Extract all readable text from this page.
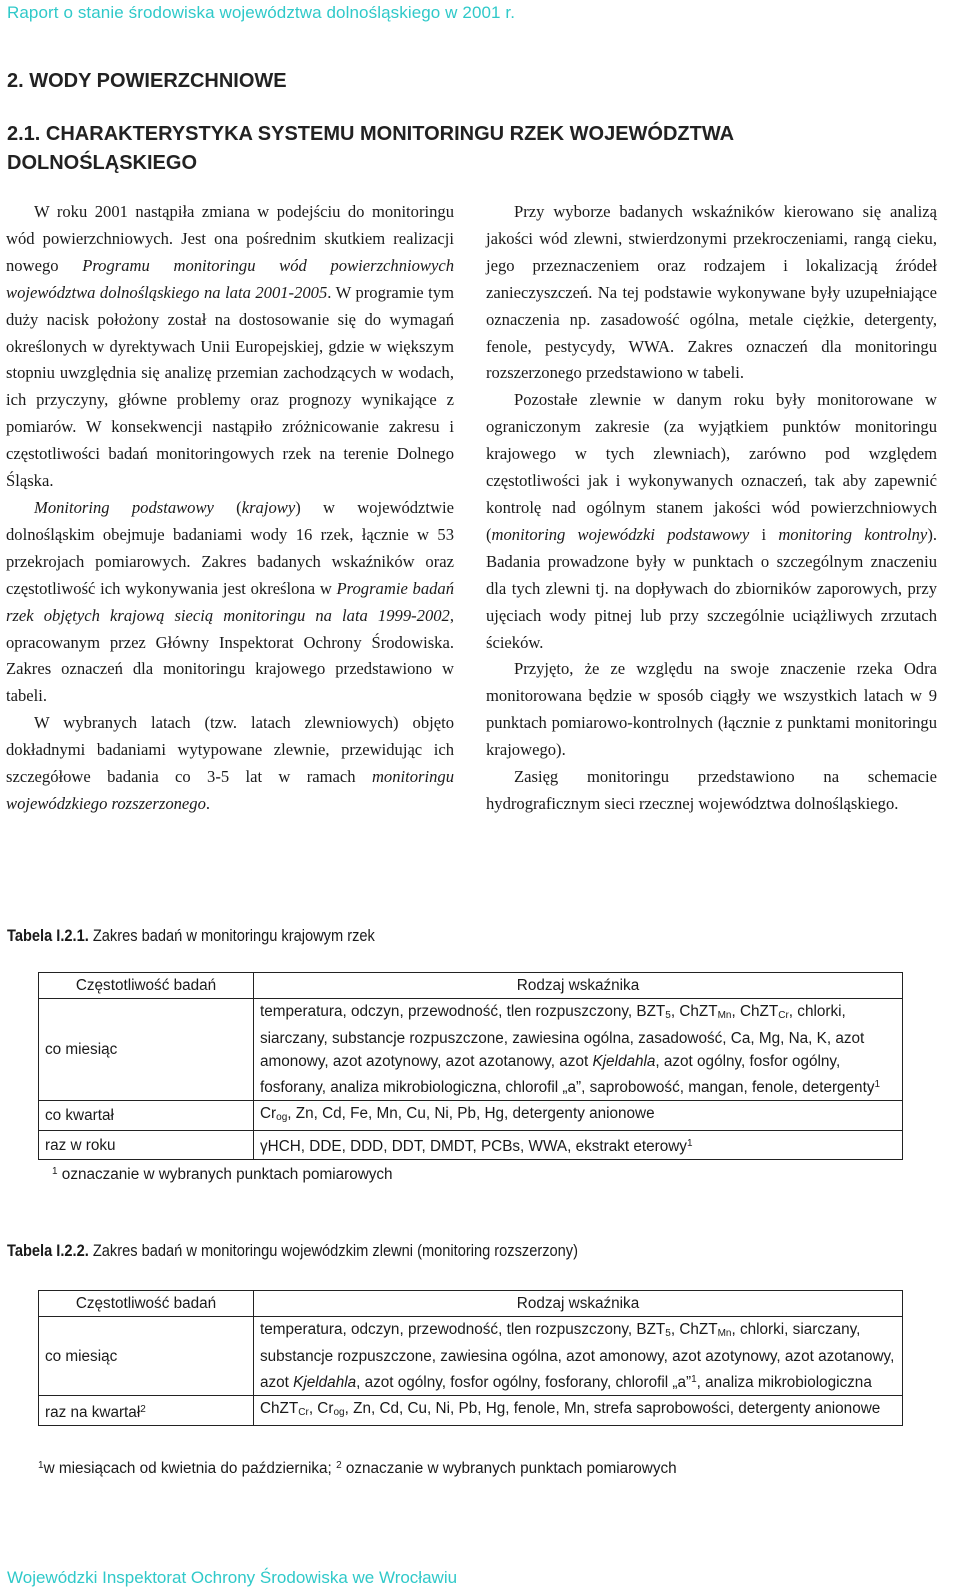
Raport o stanie środowiska województwa dolnośląskiego w 2001 r.
2. WODY POWIERZCHNIOWE
2.1. CHARAKTERYSTYKA SYSTEMU MONITORINGU RZEK WOJEWÓDZTWA DOLNOŚLĄSKIEGO

W roku 2001 nastąpiła zmiana w podejściu do monitoringu wód powierzchniowych. Jest ona pośrednim skutkiem realizacji nowego Programu monitoringu wód powierzchniowych województwa dolnośląskiego na lata 2001-2005. W programie tym duży nacisk położony został na dostosowanie się do wymagań określonych w dyrektywach Unii Europejskiej, gdzie w większym stopniu uwzględnia się analizę przemian zachodzących w wodach, ich przyczyny, główne problemy oraz prognozy wynikające z pomiarów. W konsekwencji nastąpiło zróżnicowanie zakresu i częstotliwości badań monitoringowych rzek na terenie Dolnego Śląska.

Monitoring podstawowy (krajowy) w województwie dolnośląskim obejmuje badaniami wody 16 rzek, łącznie w 53 przekrojach pomiarowych. Zakres badanych wskaźników oraz częstotliwość ich wykonywania jest określona w Programie badań rzek objętych krajową siecią monitoringu na lata 1999-2002, opracowanym przez Główny Inspektorat Ochrony Środowiska. Zakres oznaczeń dla monitoringu krajowego przedstawiono w tabeli.

W wybranych latach (tzw. latach zlewniowych) objęto dokładnymi badaniami wytypowane zlewnie, przewidując ich szczegółowe badania co 3-5 lat w ramach monitoringu wojewódzkiego rozszerzonego.

Przy wyborze badanych wskaźników kierowano się analizą jakości wód zlewni, stwierdzonymi przekroczeniami, rangą cieku, jego przeznaczeniem oraz rodzajem i lokalizacją źródeł zanieczyszczeń. Na tej podstawie wykonywane były uzupełniające oznaczenia np. zasadowość ogólna, metale ciężkie, detergenty, fenole, pestycydy, WWA. Zakres oznaczeń dla monitoringu rozszerzonego przedstawiono w tabeli.

Pozostałe zlewnie w danym roku były monitorowane w ograniczonym zakresie (za wyjątkiem punktów monitoringu krajowego w tych zlewniach), zarówno pod względem częstotliwości jak i wykonywanych oznaczeń, tak aby zapewnić kontrolę nad ogólnym stanem jakości wód powierzchniowych (monitoring wojewódzki podstawowy i monitoring kontrolny). Badania prowadzone były w punktach o szczególnym znaczeniu dla tych zlewni tj. na dopływach do zbiorników zaporowych, przy ujęciach wody pitnej lub przy szczególnie uciążliwych zrzutach ścieków.

Przyjęto, że ze względu na swoje znaczenie rzeka Odra monitorowana będzie w sposób ciągły we wszystkich latach w 9 punktach pomiarowo-kontrolnych (łącznie z punktami monitoringu krajowego).

Zasięg monitoringu przedstawiono na schemacie hydrograficznym sieci rzecznej województwa dolnośląskiego.

Tabela I.2.1. Zakres badań w monitoringu krajowym rzek
Częstotliwość badań	Rodzaj wskaźnika
co miesiąc	temperatura, odczyn, przewodność, tlen rozpuszczony, $BZT_5$, ChZT$_{Mn}$, ChZT$_{Cr}$, chlorki, siarczany, substancje rozpuszczone, zawiesina ogólna, zasadowość, Ca, Mg, Na, K, azot amonowy, azot azotynowy, azot azotanowy, azot Kjeldahla, azot ogólny, fosfor ogólny, fosforany, analiza mikrobiologiczna, chlorofil „a”, saprobowość, mangan, fenole, detergenty$^1$
co kwartał	$Cr_{og}$, Zn, Cd, Fe, Mn, Cu, Ni, Pb, Hg, detergenty anionowe
raz w roku	γHCH, DDE, DDD, DDT, DMDT, PCBs, WWA, ekstrakt eterowy$^1$
$^1$ oznaczanie w wybranych punktach pomiarowych
Tabela I.2.2. Zakres badań w monitoringu wojewódzkim zlewni (monitoring rozszerzony)
Częstotliwość badań	Rodzaj wskaźnika
co miesiąc	temperatura, odczyn, przewodność, tlen rozpuszczony, $BZT_5$, ChZT$_{Mn}$, chlorki, siarczany, substancje rozpuszczone, zawiesina ogólna, azot amonowy, azot azotynowy, azot azotanowy, azot Kjeldahla, azot ogólny, fosfor ogólny, fosforany, chlorofil „a”$^1$, analiza mikrobiologiczna
raz na kwartał$^2$	ChZT$_{Cr}$, $Cr_{og}$, Zn, Cd, Cu, Ni, Pb, Hg, fenole, Mn, strefa saprobowości, detergenty anionowe
$^1$w miesiącach od kwietnia do października; $^2$ oznaczanie w wybranych punktach pomiarowych
Wojewódzki Inspektorat Ochrony Środowiska we Wrocławiu
